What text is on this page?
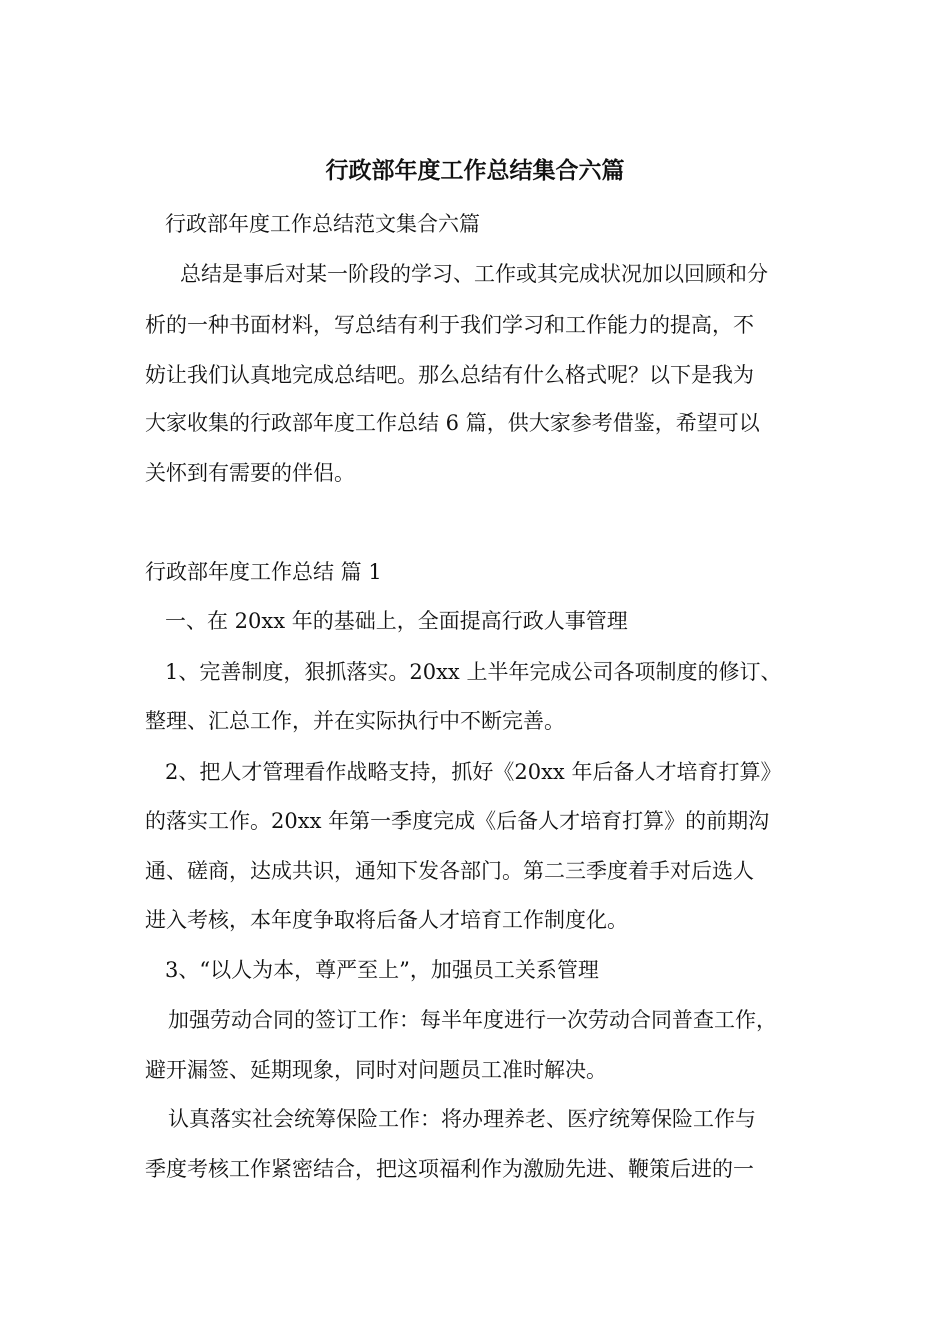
行政部年度工作总结集合六篇
行政部年度工作总结范文集合六篇
总结是事后对某一阶段的学习、工作或其完成状况加以回顾和分
析的一种书面材料，写总结有利于我们学习和工作能力的提高，不
妨让我们认真地完成总结吧。那么总结有什么格式呢？以下是我为
大家收集的行政部年度工作总结 6 篇，供大家参考借鉴，希望可以
关怀到有需要的伴侣。
行政部年度工作总结 篇 1
一、在 20xx 年的基础上，全面提高行政人事管理
1、完善制度，狠抓落实。20xx 上半年完成公司各项制度的修订、
整理、汇总工作，并在实际执行中不断完善。
2、把人才管理看作战略支持，抓好《20xx 年后备人才培育打算》
的落实工作。20xx 年第一季度完成《后备人才培育打算》的前期沟
通、磋商，达成共识，通知下发各部门。第二三季度着手对后选人
进入考核，本年度争取将后备人才培育工作制度化。
3、“以人为本，尊严至上”，加强员工关系管理
加强劳动合同的签订工作：每半年度进行一次劳动合同普查工作，
避开漏签、延期现象，同时对问题员工准时解决。
认真落实社会统筹保险工作：将办理养老、医疗统筹保险工作与
季度考核工作紧密结合，把这项福利作为激励先进、鞭策后进的一
